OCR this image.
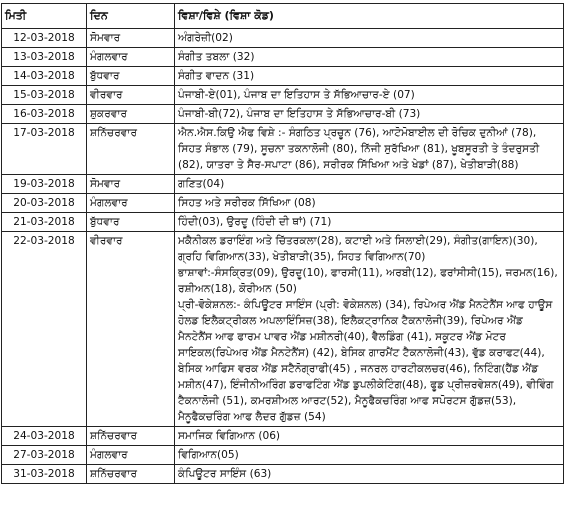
ਮਿਤੀ	ਦਿਨ	ਵਿਸ਼ਾ/ਵਿਸ਼ੇ (ਵਿਸ਼ਾ ਕੋਡ)
12-03-2018	ਸੋਮਵਾਰ	ਅੰਗਰੇਜ਼ੀ(02)

13-03-2018	ਮੰਗਲਵਾਰ	ਸੰਗੀਤ ਤਬਲਾ (32)

14-03-2018	ਬੁੱਧਵਾਰ	ਸੰਗੀਤ ਵਾਦਨ (31)

15-03-2018	ਵੀਰਵਾਰ	ਪੰਜਾਬੀ-ਏ(01), ਪੰਜਾਬ ਦਾ ਇਤਿਹਾਸ ਤੇ ਸੱਭਿਆਚਾਰ-ਏ (07)

16-03-2018	ਸ਼ੁਕਰਵਾਰ	ਪੰਜਾਬੀ-ਬੀ(72), ਪੰਜਾਬ ਦਾ ਇਤਿਹਾਸ ਤੇ ਸੱਭਿਆਚਾਰ-ਬੀ (73)

17-03-2018	ਸ਼ਨਿੱਚਰਵਾਰ	ਐਨ.ਐਸ.ਕਿਉ ਐਫ ਵਿਸ਼ੇ :- ਸੰਗਠਿਤ ਪ੍ਰਚੂਨ (76), ਆਟੋਮੋਬਾਈਲ ਦੀ ਰੋਚਿਕ ਦੁਨੀਆਂ (78), ਸਿਹਤ ਸੰਭਾਲ (79), ਸੂਚਨਾ ਤਕਨਾਲੋਜੀ (80), ਨਿੱਜੀ ਸੁਰੱਖਿਆ (81), ਖੂਬਸੂਰਤੀ ਤੇ ਤੰਦਰੁਸਤੀ (82), ਯਾਤਰਾ ਤੇ ਸੈਰ-ਸਪਾਟਾ (86), ਸਰੀਰਕ ਸਿੱਖਿਆ ਅਤੇ ਖੇਡਾਂ (87), ਖੇਤੀਬਾੜੀ(88)

19-03-2018	ਸੋਮਵਾਰ	ਗਣਿਤ(04)

20-03-2018	ਮੰਗਲਵਾਰ	ਸਿਹਤ ਅਤੇ ਸਰੀਰਕ ਸਿੱਖਿਆ (08)

21-03-2018	ਬੁੱਧਵਾਰ	ਹਿੰਦੀ(03), ਉਰਦੂ (ਹਿੰਦੀ ਦੀ ਥਾਂ) (71)

22-03-2018	ਵੀਰਵਾਰ	ਮਕੈਨੀਕਲ ਡਰਾਇੰਗ ਅਤੇ ਚਿੱਤਰਕਲਾ(28), ਕਟਾਈ ਅਤੇ ਸਿਲਾਈ(29), ਸੰਗੀਤ(ਗਾਇਨ)(30), ਗ੍ਰਹਿ ਵਿਗਿਆਨ(33), ਖੇਤੀਬਾੜੀ(35), ਸਿਹਤ ਵਿਗਿਆਨ(70)
ਭਾਸ਼ਾਵਾਂ:-ਸੰਸਕ੍ਰਿਤ(09), ਉਰਦੂ(10), ਫਾਰਸੀ(11), ਅਰਬੀ(12), ਫਰਾਂਸੀਸੀ(15), ਜਰਮਨ(16), ਰਸ਼ੀਅਨ(18), ਕੋਰੀਅਨ (50)
ਪ੍ਰੀ-ਵੋਕੇਸ਼ਨਲ:- ਕੰਪਿਊਟਰ ਸਾਇੰਸ (ਪ੍ਰੀ: ਵੋਕੇਸ਼ਨਲ) (34), ਰਿਪੇਅਰ ਐਂਡ ਮੈਨਟੇਨੈਂਸ ਆਫ ਹਾਊਸ ਹੋਲਡ ਇਲੈਕਟ੍ਰੀਕਲ ਅਪਲਾਇੰਸਿਜ਼(38), ਇਲੈਕਟ੍ਰਾਨਿਕ ਟੈਕਨਾਲੋਜੀ(39), ਰਿਪੇਅਰ ਐਂਡ ਮੈਨਟੇਨੈਂਸ ਆਫ ਫਾਰਮ ਪਾਵਰ ਐਂਡ ਮਸ਼ੀਨਰੀ(40), ਵੈਲਡਿੰਗ (41), ਸਕੂਟਰ ਐਂਡ ਮੋਟਰ ਸਾਇਕਲ(ਰਿਪੇਅਰ ਐਂਡ ਮੈਨਟੇਨੈਂਸ) (42), ਬੇਸਿਕ ਗਾਰਮੈਂਟ ਟੈਕਨਾਲੋਜੀ(43), ਵੁੱਡ ਕਰਾਫਟ(44), ਬੇਸਿਕ ਆਫਿਸ ਵਰਕ ਐਂਡ ਸਟੈਨੋਗ੍ਰਾਫੀ(45) , ਜਨਰਲ ਹਾਰਟੀਕਲਚਰ(46), ਨਿਟਿੰਗ(ਹੈਂਡ ਐਂਡ ਮਸ਼ੀਨ(47), ਇੰਜੀਨੀਅਰਿੰਗ ਡਰਾਫਟਿੰਗ ਐਂਡ ਡੁਪਲੀਕੇਟਿੰਗ(48), ਫੂਡ ਪ੍ਰੀਜ਼ਰਵੇਸ਼ਨ(49), ਵੀਵਿੰਗ ਟੈਕਨਾਲੋਜੀ (51), ਕਮਰਸ਼ੀਅਲ ਆਰਟ(52), ਮੈਨੂਫੈਕਚਰਿੰਗ ਆਫ ਸਪੋਰਟਸ ਗੁੱਡਜ਼(53), ਮੈਨੂਫੈਕਚਰਿੰਗ ਆਫ ਲੈਦਰ ਗੁੱਡਜ਼ (54)

24-03-2018	ਸ਼ਨਿੱਚਰਵਾਰ	ਸਮਾਜਿਕ ਵਿਗਿਆਨ (06)

27-03-2018	ਮੰਗਲਵਾਰ	ਵਿਗਿਆਨ(05)

31-03-2018	ਸ਼ਨਿੱਚਰਵਾਰ	ਕੰਪਿਊਟਰ ਸਾਇੰਸ (63)
